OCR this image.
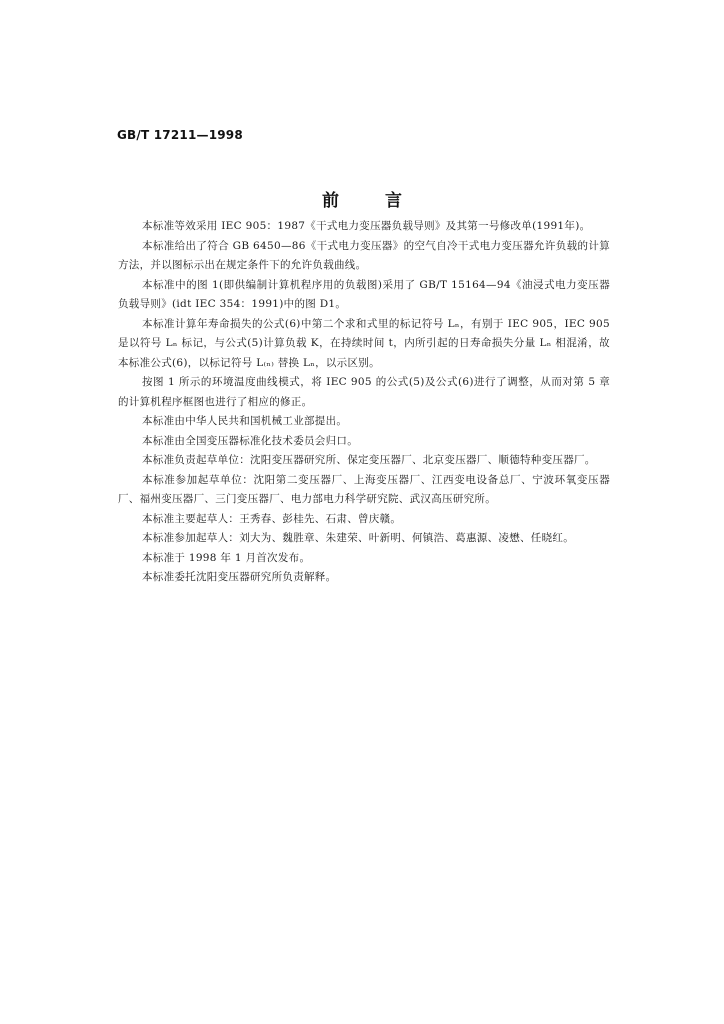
GB/T 17211—1998
前	言

本标准等效采用 IEC 905：1987《干式电力变压器负载导则》及其第一号修改单(1991年)。

本标准给出了符合 GB 6450—86《干式电力变压器》的空气自冷干式电力变压器允许负载的计算方法，并以图标示出在规定条件下的允许负载曲线。

本标准中的图 1(即供编制计算机程序用的负载图)采用了 GB/T 15164—94《油浸式电力变压器负载导则》(idt IEC 354：1991)中的图 D1。

本标准计算年寿命损失的公式(6)中第二个求和式里的标记符号 Lₙ，有别于 IEC 905，IEC 905 是以符号 Lₙ 标记，与公式(5)计算负载 K，在持续时间 t，内所引起的日寿命损失分量 Lₙ 相混淆，故本标准公式(6)，以标记符号 L₍ₙ₎ 替换 Lₙ，以示区别。

按图 1 所示的环境温度曲线模式，将 IEC 905 的公式(5)及公式(6)进行了调整，从而对第 5 章的计算机程序框图也进行了相应的修正。

本标准由中华人民共和国机械工业部提出。

本标准由全国变压器标准化技术委员会归口。

本标准负责起草单位：沈阳变压器研究所、保定变压器厂、北京变压器厂、顺德特种变压器厂。

本标准参加起草单位：沈阳第二变压器厂、上海变压器厂、江西变电设备总厂、宁波环氧变压器厂、福州变压器厂、三门变压器厂、电力部电力科学研究院、武汉高压研究所。

本标准主要起草人：王秀春、彭桂先、石肃、曾庆赣。

本标准参加起草人：刘大为、魏胜章、朱建荣、叶新明、何镇浩、葛惠源、凌懋、任晓红。

本标准于 1998 年 1 月首次发布。

本标准委托沈阳变压器研究所负责解释。
